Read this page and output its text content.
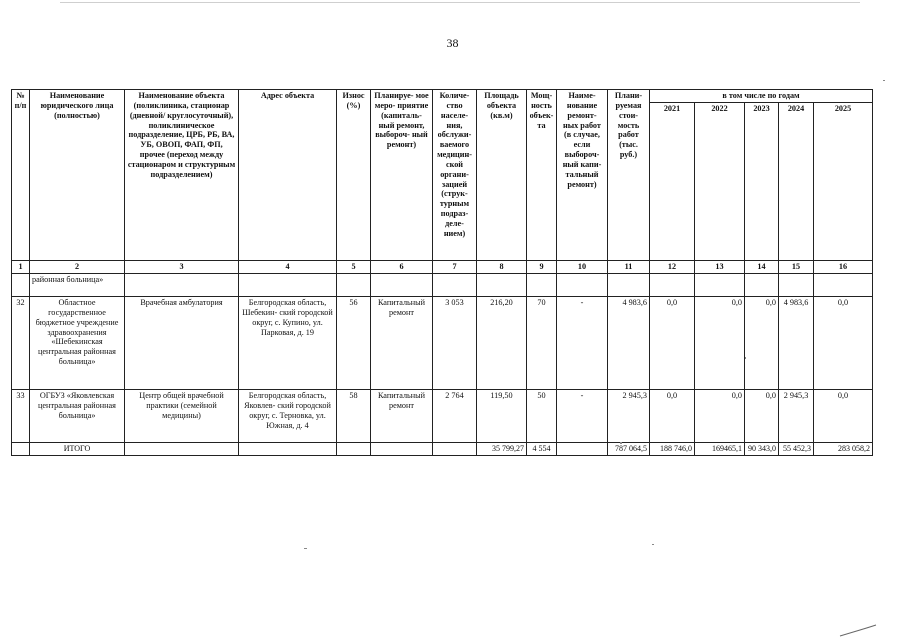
38
№ п/п	Наименование юридического лица (полностью)	Наименование объекта (поликлиника, стационар (дневной/ круглосуточный), поликлиническое подразделение, ЦРБ, РБ, ВА, УБ, ОВОП, ФАП, ФП, прочее (переход между стационаром и структурным подразделением)	Адрес объекта	Износ (%)	Планируе- мое меро- приятие (капиталь- ный ремонт, выбороч- ный ремонт)	Количе- ство населе- ния, обслужи- ваемого медицин- ской органи- зацией (струк- турным подраз- деле- нием)	Площадь объекта (кв.м)	Мощ- ность объек- та	Наиме- нование ремонт- ных работ (в случае, если выбороч- ный капи- тальный ремонт)	Плани- руемая стои- мость работ (тыс. руб.)	в том числе по годам				
											2021	2022	2023	2024	2025
1	2	3	4	5	6	7	8	9	10	11	12	13	14	15	16
	районная больница»														
32	Областное государственное бюджетное учреждение здравоохранения «Шебекинская центральная районная больница»	Врачебная амбулатория	Белгородская область, Шебекин- ский городской округ, с. Купино, ул. Парковая, д. 19	56	Капитальный ремонт	3 053	216,20	70	-	4 983,6	0,0	0,0	0,0	4 983,6	0,0
33	ОГБУЗ «Яковлевская центральная районная больница»	Центр общей врачебной практики (семейной медицины)	Белгородская область, Яковлев- ский городской округ, с. Терновка, ул. Южная, д. 4	58	Капитальный ремонт	2 764	119,50	50	-	2 945,3	0,0	0,0	0,0	2 945,3	0,0
	ИТОГО						35 799,27	4 554		787 064,5	188 746,0	169465,1	90 343,0	55 452,3	283 058,2
